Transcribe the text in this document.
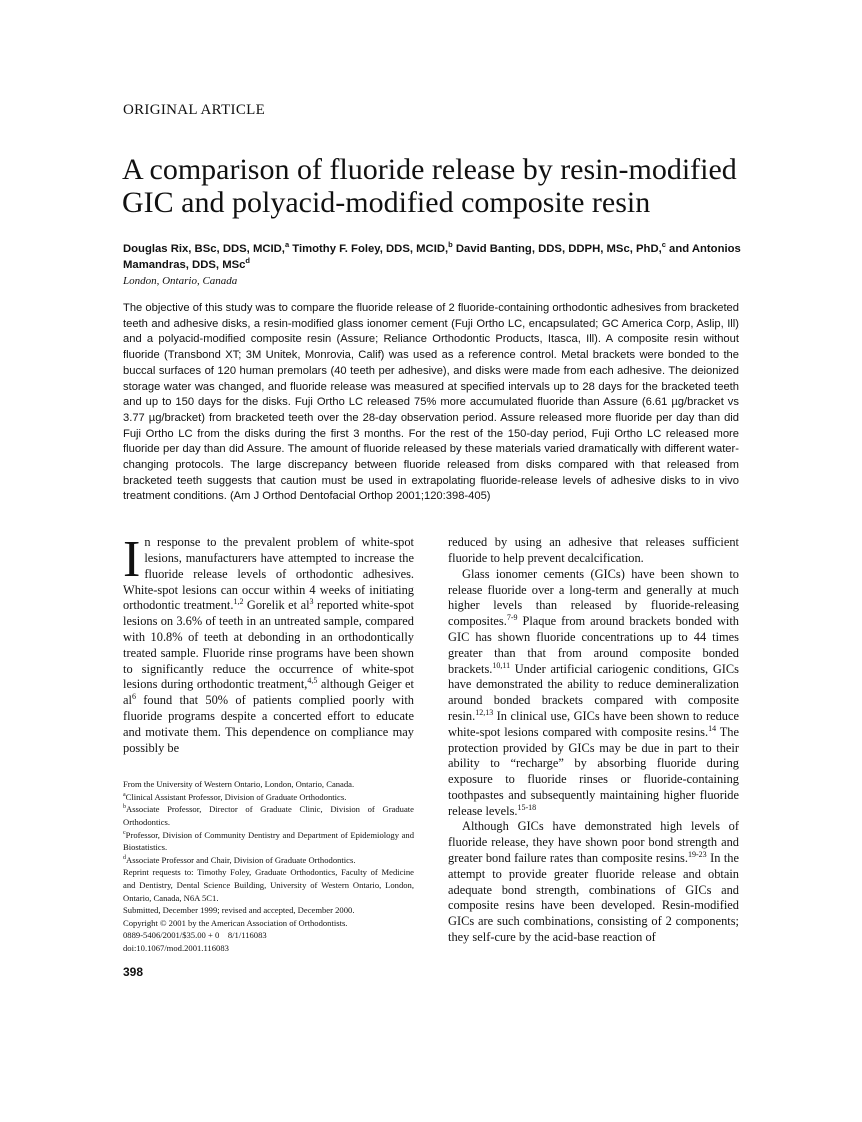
ORIGINAL ARTICLE
A comparison of fluoride release by resin-modified GIC and polyacid-modified composite resin
Douglas Rix, BSc, DDS, MCID,$^a$ Timothy F. Foley, DDS, MCID,$^b$ David Banting, DDS, DDPH, MSc, PhD,$^c$ and Antonios Mamandras, DDS, MSc$^d$
London, Ontario, Canada
The objective of this study was to compare the fluoride release of 2 fluoride-containing orthodontic adhesives from bracketed teeth and adhesive disks, a resin-modified glass ionomer cement (Fuji Ortho LC, encapsulated; GC America Corp, Aslip, Ill) and a polyacid-modified composite resin (Assure; Reliance Orthodontic Products, Itasca, Ill). A composite resin without fluoride (Transbond XT; 3M Unitek, Monrovia, Calif) was used as a reference control. Metal brackets were bonded to the buccal surfaces of 120 human premolars (40 teeth per adhesive), and disks were made from each adhesive. The deionized storage water was changed, and fluoride release was measured at specified intervals up to 28 days for the bracketed teeth and up to 150 days for the disks. Fuji Ortho LC released 75% more accumulated fluoride than Assure (6.61 µg/bracket vs 3.77 µg/bracket) from bracketed teeth over the 28-day observation period. Assure released more fluoride per day than did Fuji Ortho LC from the disks during the first 3 months. For the rest of the 150-day period, Fuji Ortho LC released more fluoride per day than did Assure. The amount of fluoride released by these materials varied dramatically with different water-changing protocols. The large discrepancy between fluoride released from disks compared with that released from bracketed teeth suggests that caution must be used in extrapolating fluoride-release levels of adhesive disks to in vivo treatment conditions. (Am J Orthod Dentofacial Orthop 2001;120:398-405)

In response to the prevalent problem of white-spot lesions, manufacturers have attempted to increase the fluoride release levels of orthodontic adhesives. White-spot lesions can occur within 4 weeks of initiating orthodontic treatment.$^{1,2}$ Gorelik et $al^3$ reported white-spot lesions on 3.6% of teeth in an untreated sample, compared with 10.8% of teeth at debonding in an orthodontically treated sample. Fluoride rinse programs have been shown to significantly reduce the occurrence of white-spot lesions during orthodontic treatment,$^{4,5}$ although Geiger et $al^6$ found that 50% of patients complied poorly with fluoride programs despite a concerted effort to educate and motivate them. This dependence on compliance may possibly be

From the University of Western Ontario, London, Ontario, Canada.
$^a$Clinical Assistant Professor, Division of Graduate Orthodontics.
$^b$Associate Professor, Director of Graduate Clinic, Division of Graduate Orthodontics.
$^c$Professor, Division of Community Dentistry and Department of Epidemiology and Biostatistics.
$^d$Associate Professor and Chair, Division of Graduate Orthodontics.
Reprint requests to: Timothy Foley, Graduate Orthodontics, Faculty of Medicine and Dentistry, Dental Science Building, University of Western Ontario, London, Ontario, Canada, N6A 5C1.
Submitted, December 1999; revised and accepted, December 2000.
Copyright © 2001 by the American Association of Orthodontists.
0889-5406/2001/$35.00 + 0    8/1/116083
doi:10.1067/mod.2001.116083
398

reduced by using an adhesive that releases sufficient fluoride to help prevent decalcification.

Glass ionomer cements (GICs) have been shown to release fluoride over a long-term and generally at much higher levels than released by fluoride-releasing composites.$^{7-9}$ Plaque from around brackets bonded with GIC has shown fluoride concentrations up to 44 times greater than that from around composite bonded brackets.$^{10,11}$ Under artificial cariogenic conditions, GICs have demonstrated the ability to reduce demineralization around bonded brackets compared with composite resin.$^{12,13}$ In clinical use, GICs have been shown to reduce white-spot lesions compared with composite resins.$^{14}$ The protection provided by GICs may be due in part to their ability to “recharge” by absorbing fluoride during exposure to fluoride rinses or fluoride-containing toothpastes and subsequently maintaining higher fluoride release levels.$^{15-18}$

Although GICs have demonstrated high levels of fluoride release, they have shown poor bond strength and greater bond failure rates than composite resins.$^{19-23}$ In the attempt to provide greater fluoride release and obtain adequate bond strength, combinations of GICs and composite resins have been developed. Resin-modified GICs are such combinations, consisting of 2 components; they self-cure by the acid-base reaction of
